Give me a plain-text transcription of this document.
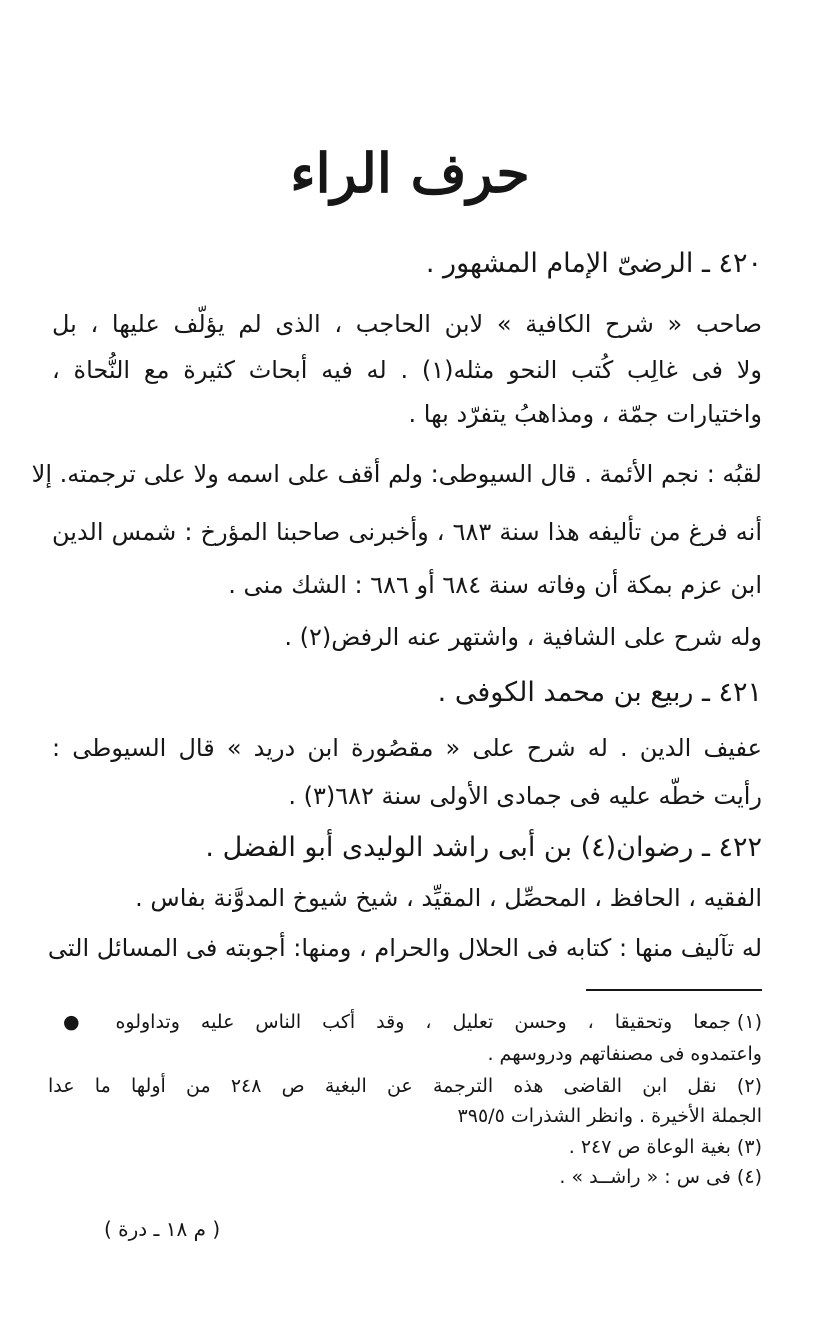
حرف الراء
٤٢٠ ـ الرضىّ الإمام المشهور .
صاحب « شرح الكافية » لابن الحاجب ، الذى لم يؤلّف عليها ، بل
ولا فى غالِب كُتب النحو مثله(١) . له فيه أبحاث كثيرة مع النُّحاة ،
واختيارات جمّة ، ومذاهبُ يتفرّد بها .
لقبُه : نجم الأئمة . قال السيوطى: ولم أقف على اسمه ولا على ترجمته. إلا
أنه فرغ من تأليفه هذا سنة ٦٨٣ ، وأخبرنى صاحبنا المؤرخ : شمس الدين
ابن عزم بمكة أن وفاته سنة ٦٨٤ أو ٦٨٦ : الشك منى .
وله شرح على الشافية ، واشتهر عنه الرفض(٢) .
٤٢١ ـ ربيع بن محمد الكوفى .
عفيف الدين . له شرح على « مقصُورة ابن دريد » قال السيوطى :
رأيت خطّه عليه فى جمادى الأولى سنة ٦٨٢(٣) .
٤٢٢ ـ رضوان(٤) بن أبى راشد الوليدى أبو الفضل .
الفقيه ، الحافظ ، المحصِّل ، المقيِّد ، شيخ شيوخ المدوَّنة بفاس .
له تآليف منها : كتابه فى الحلال والحرام ، ومنها: أجوبته فى المسائل التى
(١) جمعا وتحقيقا ، وحسن تعليل ، وقد أكب الناس عليه وتداولوه ●
واعتمدوه فى مصنفاتهم ودروسهم .
(٢) نقل ابن القاضى هذه الترجمة عن البغية ص ٢٤٨ من أولها ما عدا
الجملة الأخيرة . وانظر الشذرات ٣٩٥/٥
(٣) بغية الوعاة ص ٢٤٧ .
(٤) فى س : « راشــد » .
( م ١٨ ـ درة )
